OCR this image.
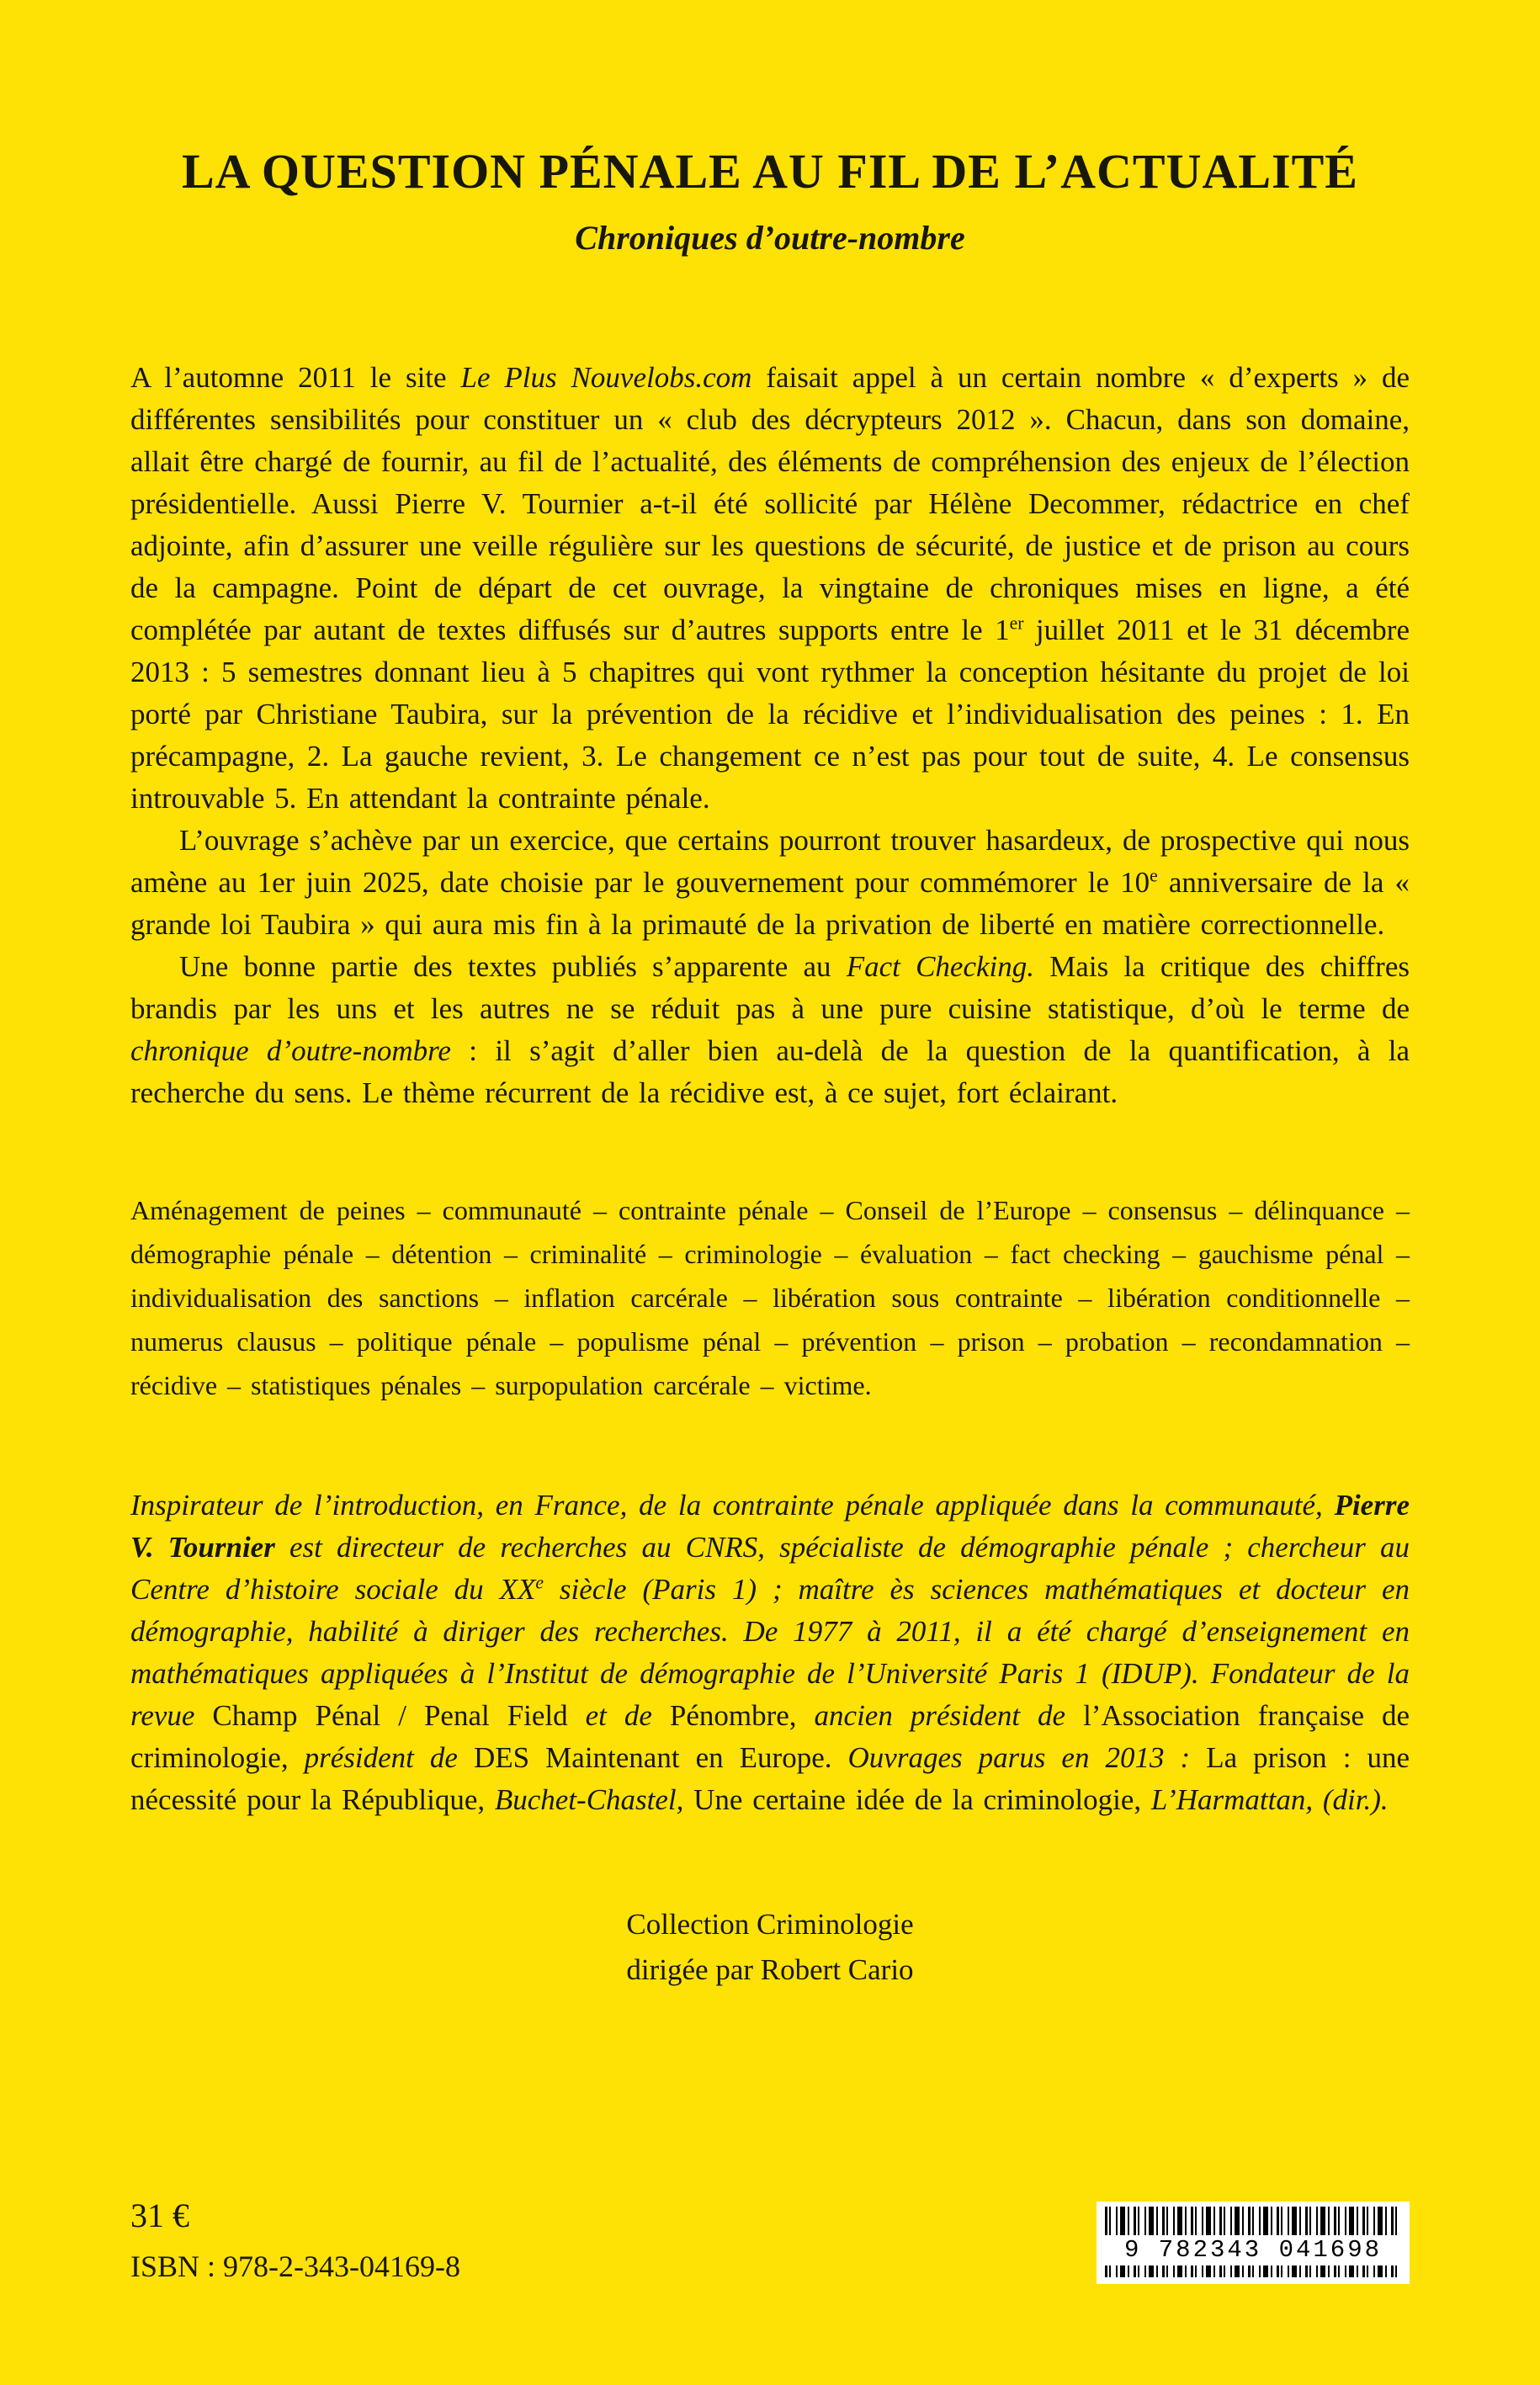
LA QUESTION PÉNALE AU FIL DE L’ACTUALITÉ
Chroniques d’outre-nombre

A l’automne 2011 le site Le Plus Nouvelobs.com faisait appel à un certain nombre « d’experts » de différentes sensibilités pour constituer un « club des décrypteurs 2012 ». Chacun, dans son domaine, allait être chargé de fournir, au fil de l’actualité, des éléments de compréhension des enjeux de l’élection présidentielle. Aussi Pierre V. Tournier a-t-il été sollicité par Hélène Decommer, rédactrice en chef adjointe, afin d’assurer une veille régulière sur les questions de sécurité, de justice et de prison au cours de la campagne. Point de départ de cet ouvrage, la vingtaine de chroniques mises en ligne, a été complétée par autant de textes diffusés sur d’autres supports entre le 1er juillet 2011 et le 31 décembre 2013 : 5 semestres donnant lieu à 5 chapitres qui vont rythmer la conception hésitante du projet de loi porté par Christiane Taubira, sur la prévention de la récidive et l’individualisation des peines : 1. En précampagne, 2. La gauche revient, 3. Le changement ce n’est pas pour tout de suite, 4. Le consensus introuvable 5. En attendant la contrainte pénale.

L’ouvrage s’achève par un exercice, que certains pourront trouver hasardeux, de prospective qui nous amène au 1er juin 2025, date choisie par le gouvernement pour commémorer le 10e anniversaire de la « grande loi Taubira » qui aura mis fin à la primauté de la privation de liberté en matière correctionnelle.

Une bonne partie des textes publiés s’apparente au Fact Checking. Mais la critique des chiffres brandis par les uns et les autres ne se réduit pas à une pure cuisine statistique, d’où le terme de chronique d’outre-nombre : il s’agit d’aller bien au-delà de la question de la quantification, à la recherche du sens. Le thème récurrent de la récidive est, à ce sujet, fort éclairant.

Aménagement de peines – communauté – contrainte pénale – Conseil de l’Europe – consensus – délinquance – démographie pénale – détention – criminalité – criminologie – évaluation – fact checking – gauchisme pénal – individualisation des sanctions – inflation carcérale – libération sous contrainte – libération conditionnelle – numerus clausus – politique pénale – populisme pénal – prévention – prison – probation – recondamnation – récidive – statistiques pénales – surpopulation carcérale – victime.

Inspirateur de l’introduction, en France, de la contrainte pénale appliquée dans la communauté, Pierre V. Tournier est directeur de recherches au CNRS, spécialiste de démographie pénale ; chercheur au Centre d’histoire sociale du XXe siècle (Paris 1) ; maître ès sciences mathématiques et docteur en démographie, habilité à diriger des recherches. De 1977 à 2011, il a été chargé d’enseignement en mathématiques appliquées à l’Institut de démographie de l’Université Paris 1 (IDUP). Fondateur de la revue Champ Pénal / Penal Field et de Pénombre, ancien président de l’Association française de criminologie, président de DES Maintenant en Europe. Ouvrages parus en 2013 : La prison : une nécessité pour la République, Buchet-Chastel, Une certaine idée de la criminologie, L’Harmattan, (dir.).

Collection Criminologie
dirigée par Robert Cario
31 €
ISBN : 978-2-343-04169-8	9 782343 041698
